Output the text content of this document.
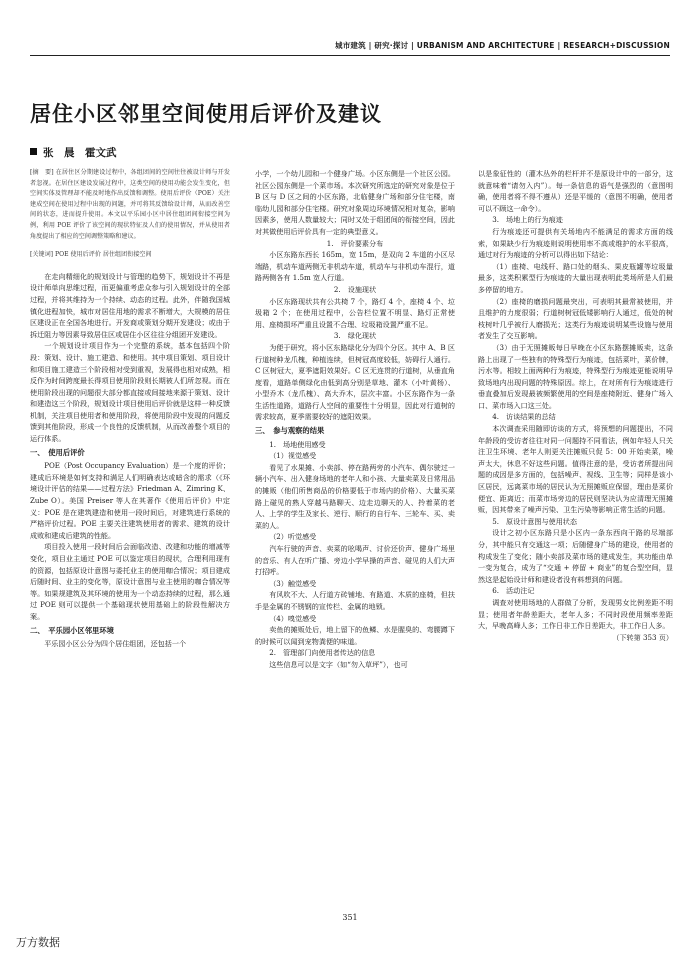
城市建筑 | 研究·探讨 | URBANISM AND ARCHITECTURE | RESEARCH+DISCUSSION
居住小区邻里空间使用后评价及建议
张　晨　霍文武
[摘　要] 在居住区分期建设过程中，各组团间的空间往往被设计师与开发者忽视。在居住区建设发展过程中，这类空间的使用功能会发生变化，但空间实体及管理却不能及时地作出反馈和调整。使用后评价（POE）关注建成空间在使用过程中出现的问题，并可将其反馈给设计师，从而改善空间的状态，进而提升使用。本文以平乐园小区中居住组团间衔接空间为例，利用 POE 评价了该空间的现状特征及人们的使用情况，并从使用者角度提出了相应的空间调整策略和建议。
[关键词] POE 使用后评价 居住组团衔接空间

在走向精细化的规划设计与管理的趋势下，规划设计不再是设计师单向思维过程，而更偏重考虑众参与引入规划设计的全部过程，并将其维持为一个持续、动态的过程。此外，伴随我国城镇化进程加快，城市对居住用地的需求不断增大，大规模的居住区建设正在全国各地进行。开发商或策划分期开发建设；或由于拆迁阻力等因素导致居住区或居住小区往往分组团开发建设。

一个规划设计项目作为一个完整的系统，基本包括四个阶段：策划、设计、施工建造、和使用。其中项目策划、项目设计和项目施工建造三个阶段相对受到重视，发展得也相对成熟，相反作为时间跨度最长得项目使用阶段则长期被人们所忽视。而在使用阶段出现的问题很大部分都直接或间接地来源于策划、设计和建造这三个阶段，规划设计项目使用后评价就是这样一种反馈机制，关注项目使用者和使用阶段，将使用阶段中发现的问题反馈到其他阶段，形成一个良性的反馈机制，从而改善整个项目的运行体系。

一、　使用后评价

POE（Post Occupancy Evaluation）是一个度的评价；建成后环境是如何支持和满足人们明确表达或暗含的需求（《环境设计评估的结果——过程方法》Friedman A、Zimring K、Zube O）。美国 Preiser 等人在其著作《使用后评价》中定义：POE 是在建筑建造和使用一段时间后，对建筑进行系统的严格评价过程。POE 主要关注建筑使用者的需求、建筑的设计成败和建成后建筑的性能。

项目投入使用一段时间后会面临改造、改建和功能的增减等变化，项目业主通过 POE 可以鉴定项目的现状，合理利用现有的资源，包括原设计意图与委托业主的使用咖合情况；项目建成后随时间、业主的变化等，原设计意图与业主使用的咖合情况等等。如果规建筑及其环境的使用为一个动态持续的过程，那么通过 POE 则可以提供一个基础现状使用基础上的阶段性解决方案。

二、　平乐园小区邻里环境

平乐园小区公分为四个居住组团，还包括一个

小学，一个幼儿园和一个健身广场。小区东侧是一个社区公园。社区公园东侧是一个菜市场。本次研究所选定的研究对象是位于 B 区与 D 区之间的小区东路，北临健身广场和部分住宅楼，南临幼儿园和部分住宅楼。研究对象周边环境情况相对复杂，影响因素多，使用人数量较大；同时又处于组团间的衔接空间，因此对其做使用后评价具有一定的典型意义。

1.　评价要素分布

小区东路东西长 165m，宽 15m，是双向 2 车道的小区尽端路，机动车道两侧无非机动车道，机动车与非机动车混行，道路两侧各有 1.5m 宽人行道。

2.　设施现状

小区东路现状共有公共椅 7 个，路灯 4 个，座椅 4 个、垃圾箱 2 个；在使用过程中，公告栏位置不明显、路灯正常使用、座椅损坏严重且设置不合理、垃圾箱设置严重不足。

3.　绿化现状

为便于研究，将小区东路绿化分为四个分区。其中 A、B 区行道树种龙爪槐，种植连续，但树冠高度较低，妨碍行人通行。C 区树冠大，夏季遮阳效果好。C 区无连贯的行道树，从垂直角度看，道路单侧绿化由低到高分别是草地、灌木（小叶黄杨）、小型乔木（龙爪槐）、高大乔木，层次丰富。小区东路作为一条生活性道路，道路行人空间的重要性十分明显，因此对行道树的需求较高，夏季需要较好的遮阳效果。

三、　参与观察的结果

1.　场地使用感受

（1）视觉感受

看见了水果摊、小卖部、停在路两旁的小汽车、偶尔驶过一辆小汽车、出入健身场地的老年人和小孩、大量卖菜及日常用品的摊贩（他们所售商品的价格要低于市场内的价格）、大量买菜路上碰见的熟人穿越马路聊天、边走边聊天的人、拎着菜的老人、上学的学生及家长、逆行、顺行的自行车、三轮车、买、卖菜的人。

（2）听觉感受

汽车行驶的声音、卖菜的吆喝声、讨价还价声、健身广场里的音乐、有人在听广播、旁边小学早操的声音、碰见的人们大声打招呼。

（3）触觉感受

有风吹不大、人行道方砖铺地、有路道、木质的座椅，但扶手是金属的不锈钢的宣传栏、金属的地锁。

（4）嗅觉感受

卖鱼的摊贩处后，地上留下的鱼鳞、水是腥臭的、弯腰蹲下的时候可以闻到宠物粪便的味道。

2.　管理部门向使用者传达的信息

这些信息可以是文字（如“勿入草坪”），也可

以是象征性的（灌木丛外的栏杆并不是原设计中的一部分，这就意味着“请勿入内”）。每一条信息的语气是强烈的（意图明确，使用者将不得不遵从）还是平缓的（意图不明确，使用者可以不顾这一命令）。

3.　场地上的行为痕迹

行为痕迹还可提供有关场地内不能满足的需求方面的线索，如果缺少行为痕迹则说明使用率不高或维护的水平很高，通过对行为痕迹的分析可以得出如下结论：

（1）座椅、电线杆、路口处的烟头、果皮瓶罐等垃圾量最多，这类积累型行为痕迹的大量出现表明此类场所是人们最多停留的地方。

（2）座椅的磨损问题最突出，可表明其最常被使用，并且维护的力度很弱；行道树树冠低矮影响行人通过，低处的树枝树叶几乎被行人磨损光；这类行为痕迹说明某些设施与使用者发生了交互影响。

（3）由于无照摊贩每日早晚在小区东路摆摊贩卖，这条路上出现了一些独有的特殊型行为痕迹，包括菜叶，菜价牌，污水等。相较上面两种行为痕迹，特殊型行为痕迹更能说明导致场地内出现问题的特殊原因。综上，在对所有行为痕迹进行垂直叠加后发现最被频繁使用的空间是座椅附近、健身广场入口、菜市场入口这三处。

4.　访谈结果的总结

本次调查采用随即访谈的方式，将预想的问题提出，不同年龄段的受访者往往对同一问题持不同看法，例如年轻人只关注卫生环境、老年人则更关注摊贩只促 5：00 开始卖菜，噪声太大，休息不好这些问题。值得注意的是，受访者所提出问题的成因是多方面的，包括噪声、视线、卫生等；同样是该小区居民，远离菜市场的居民认为无照摊贩应保留，理由是菜价便宜、距离近；而菜市场旁边的居民则坚决认为应清理无照摊贩，因其带来了噪声污染、卫生污染等影响正常生活的问题。

5.　原设计意图与使用状态

设计之初小区东路只是小区内一条东西向干路的尽端部分，其中能只有交通这一项；后随健身广场的建设，使用者的构成发生了变化；随小卖部及菜市场的建成发生，其功能由单一变为复合，成为了“交通 + 停留 + 商业”的复合型空间，显然这是起始设计师和建设者没有料想到的问题。

6.　活动注记

调查对使用场地的人群做了分析，发现男女比例差距不明显；使用者年龄差距大，老年人多；不同时段使用频率差距大，早晚高峰人多；工作日非工作日差距大，非工作日人多。

（下转第 353 页）

351
万方数据
